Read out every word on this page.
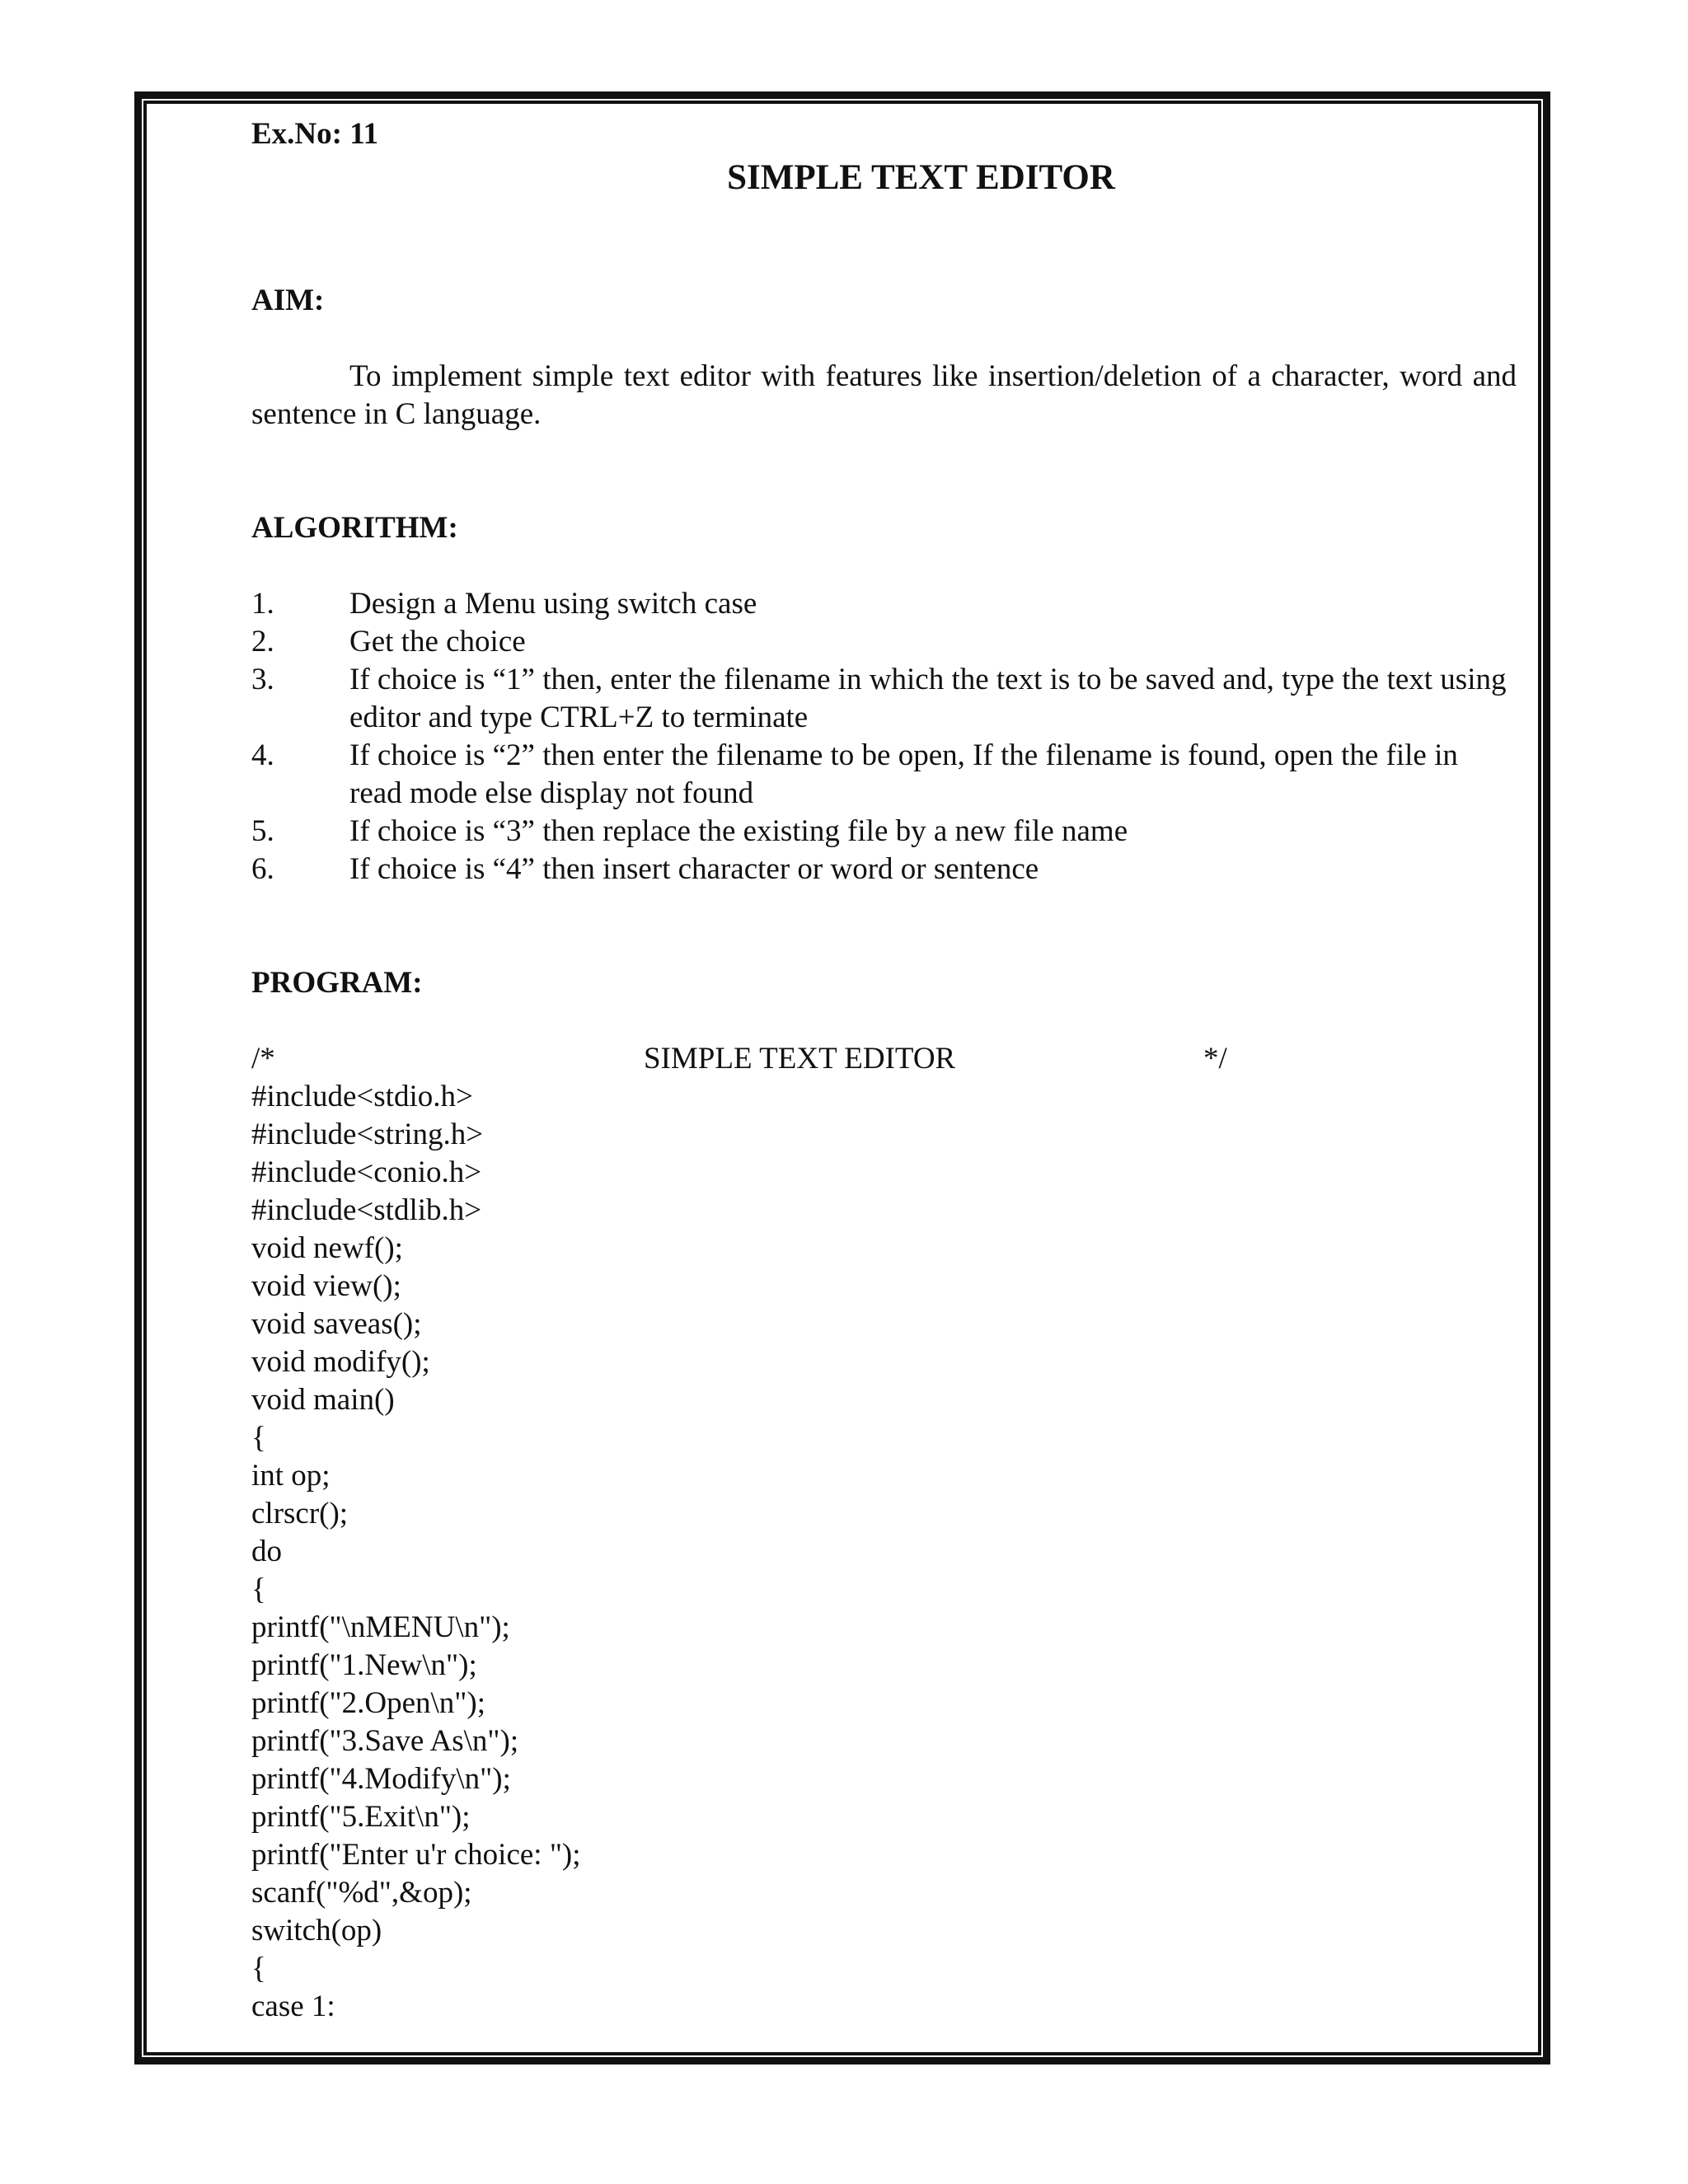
Ex.No: 11

SIMPLE TEXT EDITOR

AIM:

To implement simple text editor with features like insertion/deletion of a character, word and sentence in C language.

ALGORITHM:

1.	Design a Menu using switch case
2.	Get the choice
3.	If choice is “1” then, enter the filename in which the text is to be saved and, type the text using editor and type CTRL+Z to terminate
4.	If choice is “2” then enter the filename to be open, If the filename is found, open the file in read mode else display not found
5.	If choice is “3” then replace the existing file by a new file name
6.	If choice is “4” then insert character or word or sentence

PROGRAM:

/*	SIMPLE TEXT EDITOR	*/

#include<stdio.h>

#include<string.h>

#include<conio.h>

#include<stdlib.h>

void newf();

void view();

void saveas();

void modify();

void main()

{

int op;

clrscr();

do

{

printf("\nMENU\n");

printf("1.New\n");

printf("2.Open\n");

printf("3.Save As\n");

printf("4.Modify\n");

printf("5.Exit\n");

printf("Enter u'r choice: ");

scanf("%d",&op);

switch(op)

{

case 1:
